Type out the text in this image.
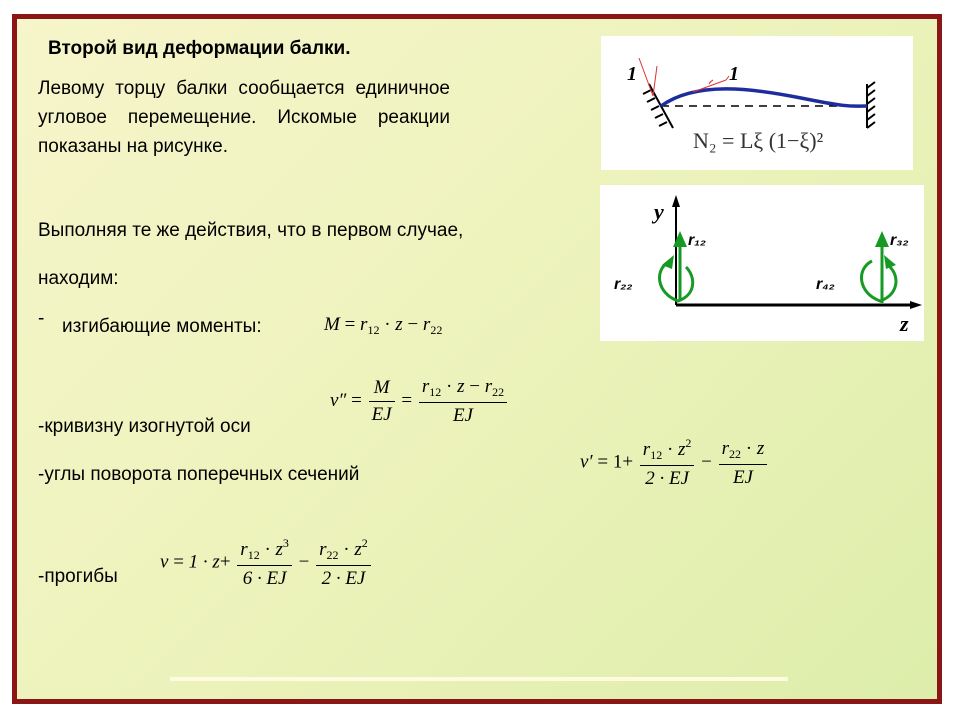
Второй вид деформации балки.
Левому торцу балки сообщается единичное угловое перемещение. Искомые реакции показаны на рисунке.
Выполняя те же действия, что в первом случае,
находим:
- изгибающие моменты:
-кривизну изогнутой оси
-углы поворота поперечных сечений
-прогибы
$M = r_{12} \cdot z - r_{22}$
$v'' = \frac{M}{EJ} = \frac{r_{12} \cdot z - r_{22}}{EJ}$
$v' = 1+ \frac{r_{12} \cdot z^2}{2 \cdot EJ} - \frac{r_{22} \cdot z}{EJ}$
$v = 1 \cdot z+ \frac{r_{12} \cdot z^3}{6 \cdot EJ} - \frac{r_{22} \cdot z^2}{2 \cdot EJ}$
1	1
N₂ = Lξ (1−ξ)²
y
z
r₁₂
r₂₂
r₃₂
r₄₂
